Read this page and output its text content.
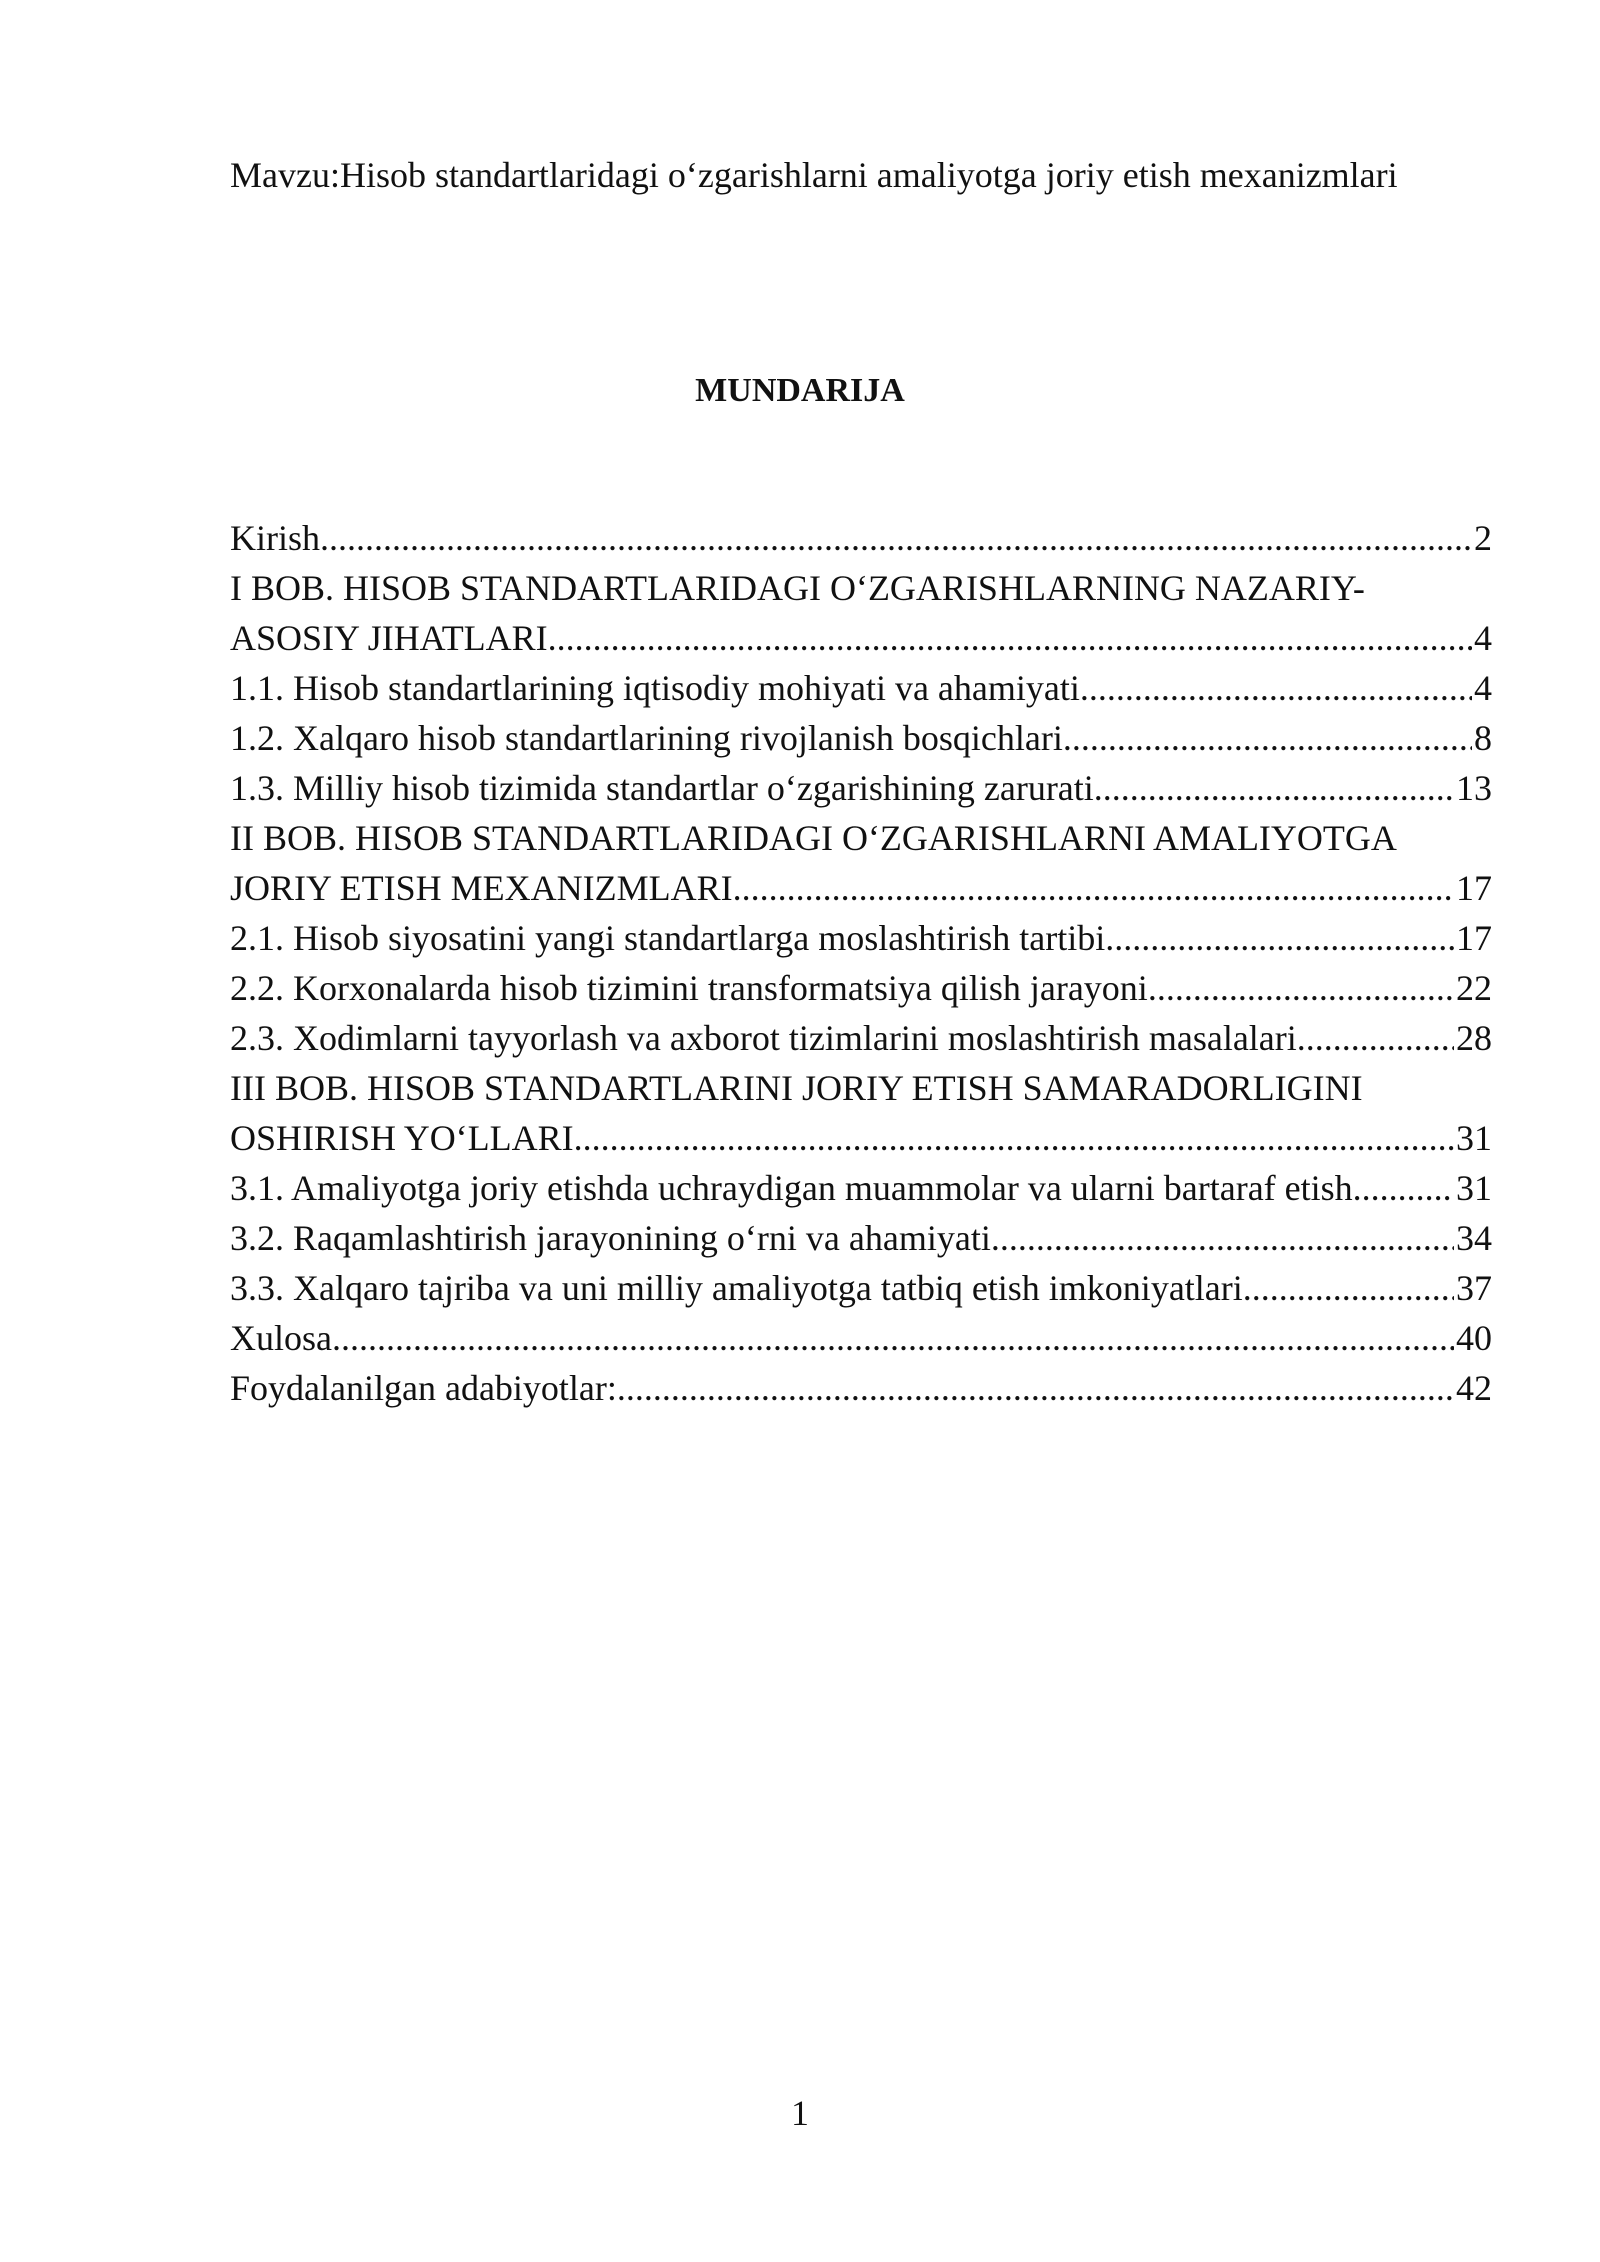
Mavzu:Hisob standartlaridagi o‘zgarishlarni amaliyotga joriy etish mexanizmlari
MUNDARIJA
Kirish .....	2
I BOB. HISOB STANDARTLARIDAGI O‘ZGARISHLARNING NAZARIY-
ASOSIY JIHATLARI .....	4
1.1. Hisob standartlarining iqtisodiy mohiyati va ahamiyati .....	4
1.2. Xalqaro hisob standartlarining rivojlanish bosqichlari .....	8
1.3. Milliy hisob tizimida standartlar o‘zgarishining zarurati .....	13
II BOB. HISOB STANDARTLARIDAGI O‘ZGARISHLARNI AMALIYOTGA
JORIY ETISH MEXANIZMLARI .....	17
2.1. Hisob siyosatini yangi standartlarga moslashtirish tartibi .....	17
2.2. Korxonalarda hisob tizimini transformatsiya qilish jarayoni .....	22
2.3. Xodimlarni tayyorlash va axborot tizimlarini moslashtirish masalalari .....	28
III BOB. HISOB STANDARTLARINI JORIY ETISH SAMARADORLIGINI
OSHIRISH YO‘LLARI .....	31
3.1. Amaliyotga joriy etishda uchraydigan muammolar va ularni bartaraf etish .....	31
3.2. Raqamlashtirish jarayonining o‘rni va ahamiyati .....	34
3.3. Xalqaro tajriba va uni milliy amaliyotga tatbiq etish imkoniyatlari .....	37
Xulosa .....	40
Foydalanilgan adabiyotlar: .....	42
1
